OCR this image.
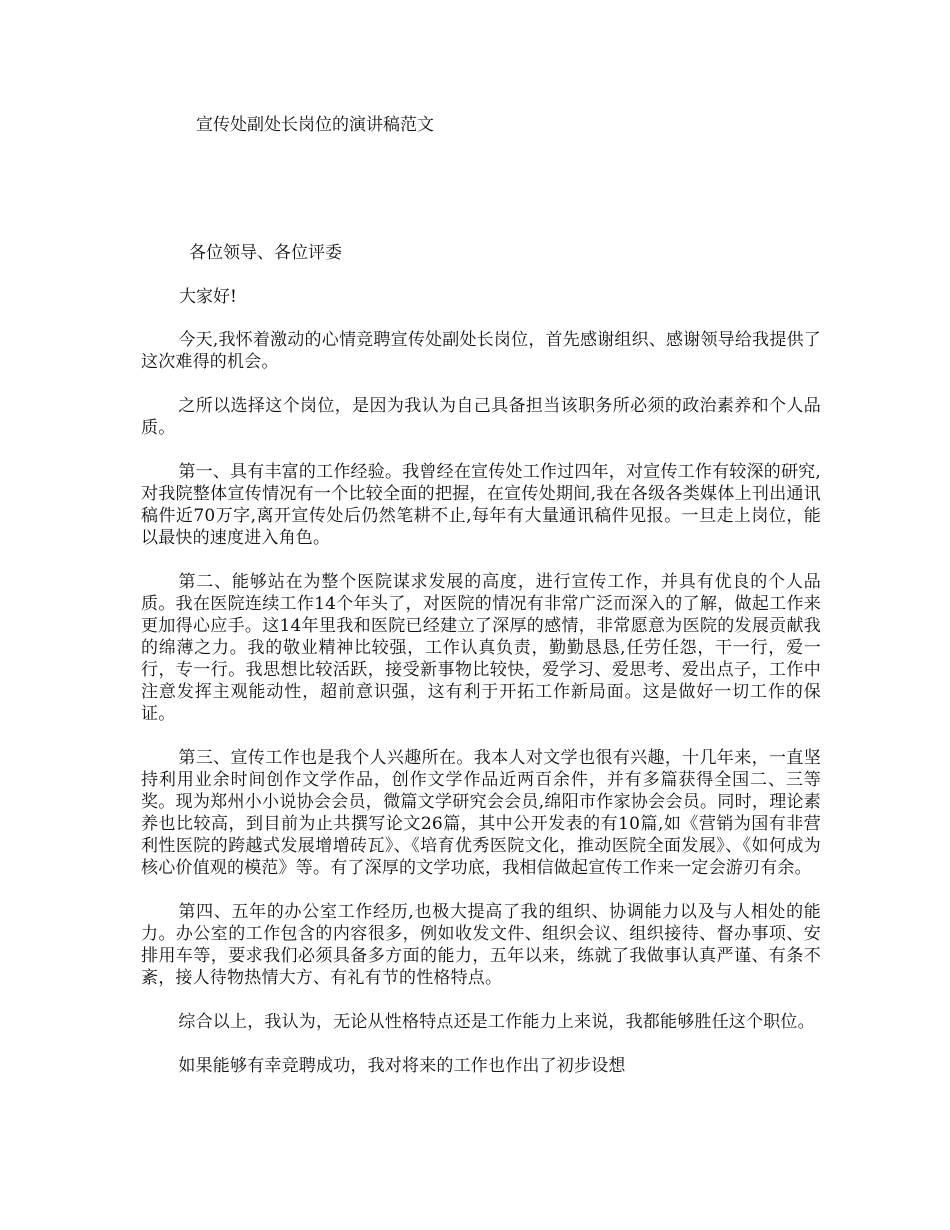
宣传处副处长岗位的演讲稿范文
各位领导、各位评委
大家好!

今天,我怀着激动的心情竞聘宣传处副处长岗位，首先感谢组织、感谢领导给我提供了这次难得的机会。

之所以选择这个岗位，是因为我认为自己具备担当该职务所必须的政治素养和个人品质。

第一、具有丰富的工作经验。我曾经在宣传处工作过四年，对宣传工作有较深的研究,对我院整体宣传情况有一个比较全面的把握，在宣传处期间,我在各级各类媒体上刊出通讯稿件近70万字,离开宣传处后仍然笔耕不止,每年有大量通讯稿件见报。一旦走上岗位，能以最快的速度进入角色。

第二、能够站在为整个医院谋求发展的高度，进行宣传工作，并具有优良的个人品质。我在医院连续工作14个年头了，对医院的情况有非常广泛而深入的了解，做起工作来更加得心应手。这14年里我和医院已经建立了深厚的感情，非常愿意为医院的发展贡献我的绵薄之力。我的敬业精神比较强，工作认真负责，勤勤恳恳,任劳任怨，干一行，爱一行，专一行。我思想比较活跃，接受新事物比较快，爱学习、爱思考、爱出点子，工作中注意发挥主观能动性，超前意识强，这有利于开拓工作新局面。这是做好一切工作的保证。

第三、宣传工作也是我个人兴趣所在。我本人对文学也很有兴趣，十几年来，一直坚持利用业余时间创作文学作品，创作文学作品近两百余件，并有多篇获得全国二、三等奖。现为郑州小小说协会会员，微篇文学研究会会员,绵阳市作家协会会员。同时，理论素养也比较高，到目前为止共撰写论文26篇，其中公开发表的有10篇,如《营销为国有非营利性医院的跨越式发展增增砖瓦》、《培育优秀医院文化，推动医院全面发展》、《如何成为核心价值观的模范》等。有了深厚的文学功底，我相信做起宣传工作来一定会游刃有余。

第四、五年的办公室工作经历,也极大提高了我的组织、协调能力以及与人相处的能力。办公室的工作包含的内容很多，例如收发文件、组织会议、组织接待、督办事项、安排用车等，要求我们必须具备多方面的能力，五年以来，练就了我做事认真严谨、有条不紊，接人待物热情大方、有礼有节的性格特点。

综合以上，我认为，无论从性格特点还是工作能力上来说，我都能够胜任这个职位。

如果能够有幸竞聘成功，我对将来的工作也作出了初步设想
